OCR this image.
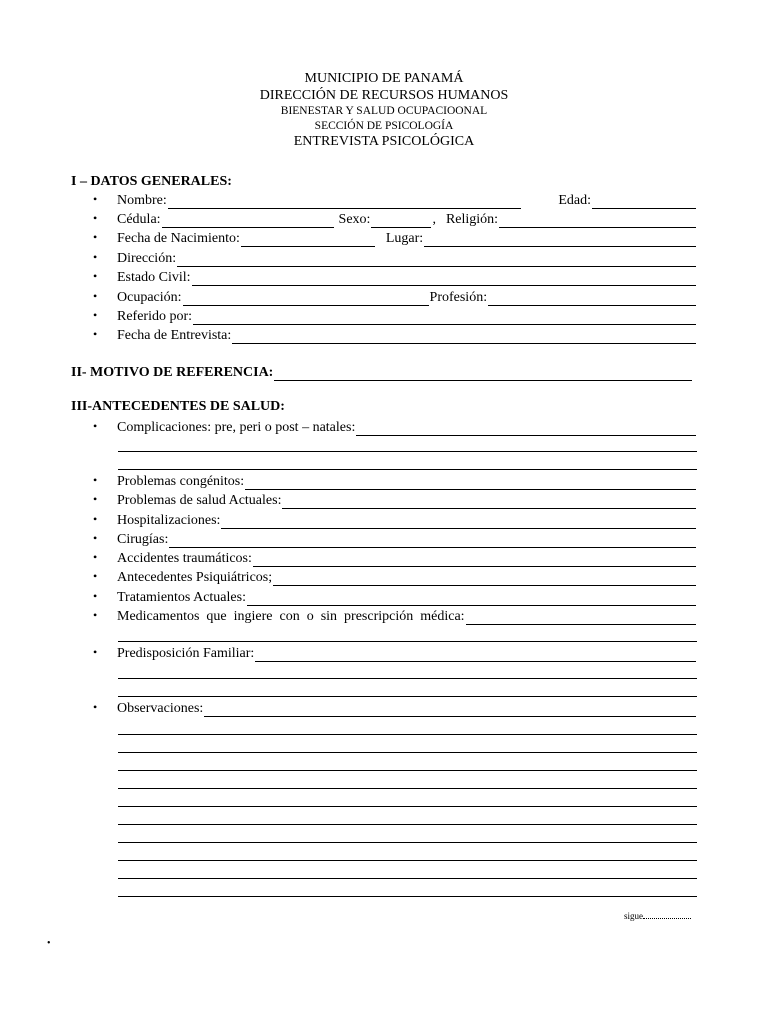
MUNICIPIO DE PANAMÁ
DIRECCIÓN DE RECURSOS HUMANOS
BIENESTAR Y SALUD OCUPACIOONAL
SECCIÓN DE PSICOLOGÍA
ENTREVISTA PSICOLÓGICA
I – DATOS GENERALES:
•	Nombre:	Edad:
•	Cédula:	Sexo:	, Religión:
•	Fecha de Nacimiento:	Lugar:
•	Dirección:
•	Estado Civil:
•	Ocupación:	Profesión:
•	Referido por:
•	Fecha de Entrevista:
II- MOTIVO DE REFERENCIA:
III-ANTECEDENTES DE SALUD:
•	Complicaciones: pre, peri o post – natales:
•	Problemas congénitos:
•	Problemas de salud Actuales:
•	Hospitalizaciones:
•	Cirugías:
•	Accidentes traumáticos:
•	Antecedentes Psiquiátricos;
•	Tratamientos Actuales:
•	Medicamentos  que  ingiere  con  o  sin  prescripción  médica:
•	Predisposición Familiar:
•	Observaciones:
sigue
•
